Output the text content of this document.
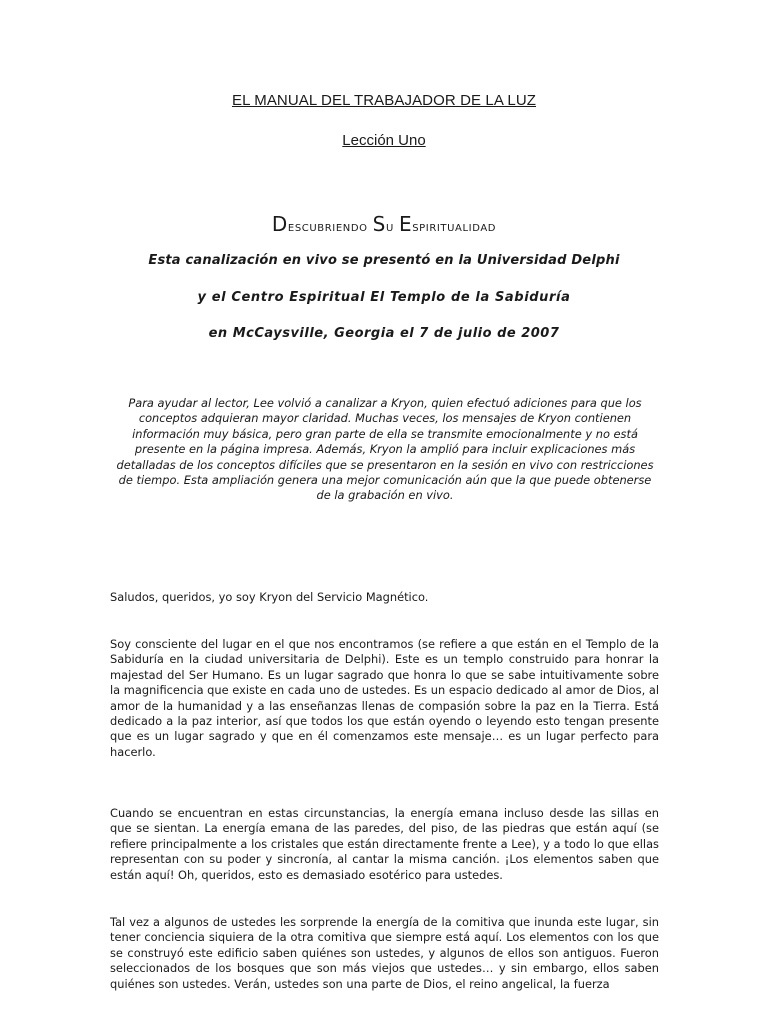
EL MANUAL DEL TRABAJADOR DE LA LUZ

Lección Uno

Descubriendo Su Espiritualidad

Esta canalización en vivo se presentó en la Universidad Delphi

y el Centro Espiritual El Templo de la Sabiduría

en McCaysville, Georgia el 7 de julio de 2007

Para ayudar al lector, Lee volvió a canalizar a Kryon, quien efectuó adiciones para que los conceptos adquieran mayor claridad. Muchas veces, los mensajes de Kryon contienen información muy básica, pero gran parte de ella se transmite emocionalmente y no está presente en la página impresa. Además, Kryon la amplió para incluir explicaciones más detalladas de los conceptos difíciles que se presentaron en la sesión en vivo con restricciones de tiempo. Esta ampliación genera una mejor comunicación aún que la que puede obtenerse de la grabación en vivo.

Saludos, queridos, yo soy Kryon del Servicio Magnético.

Soy consciente del lugar en el que nos encontramos (se refiere a que están en el Templo de la Sabiduría en la ciudad universitaria de Delphi). Este es un templo construido para honrar la majestad del Ser Humano. Es un lugar sagrado que honra lo que se sabe intuitivamente sobre la magnificencia que existe en cada uno de ustedes. Es un espacio dedicado al amor de Dios, al amor de la humanidad y a las enseñanzas llenas de compasión sobre la paz en la Tierra. Está dedicado a la paz interior, así que todos los que están oyendo o leyendo esto tengan presente que es un lugar sagrado y que en él comenzamos este mensaje… es un lugar perfecto para hacerlo.

Cuando se encuentran en estas circunstancias, la energía emana incluso desde las sillas en que se sientan. La energía emana de las paredes, del piso, de las piedras que están aquí (se refiere principalmente a los cristales que están directamente frente a Lee), y a todo lo que ellas representan con su poder y sincronía, al cantar la misma canción. ¡Los elementos saben que están aquí! Oh, queridos, esto es demasiado esotérico para ustedes.

Tal vez a algunos de ustedes les sorprende la energía de la comitiva que inunda este lugar, sin tener conciencia siquiera de la otra comitiva que siempre está aquí. Los elementos con los que se construyó este edificio saben quiénes son ustedes, y algunos de ellos son antiguos. Fueron seleccionados de los bosques que son más viejos que ustedes… y sin embargo, ellos saben quiénes son ustedes. Verán, ustedes son una parte de Dios, el reino angelical, la fuerza
